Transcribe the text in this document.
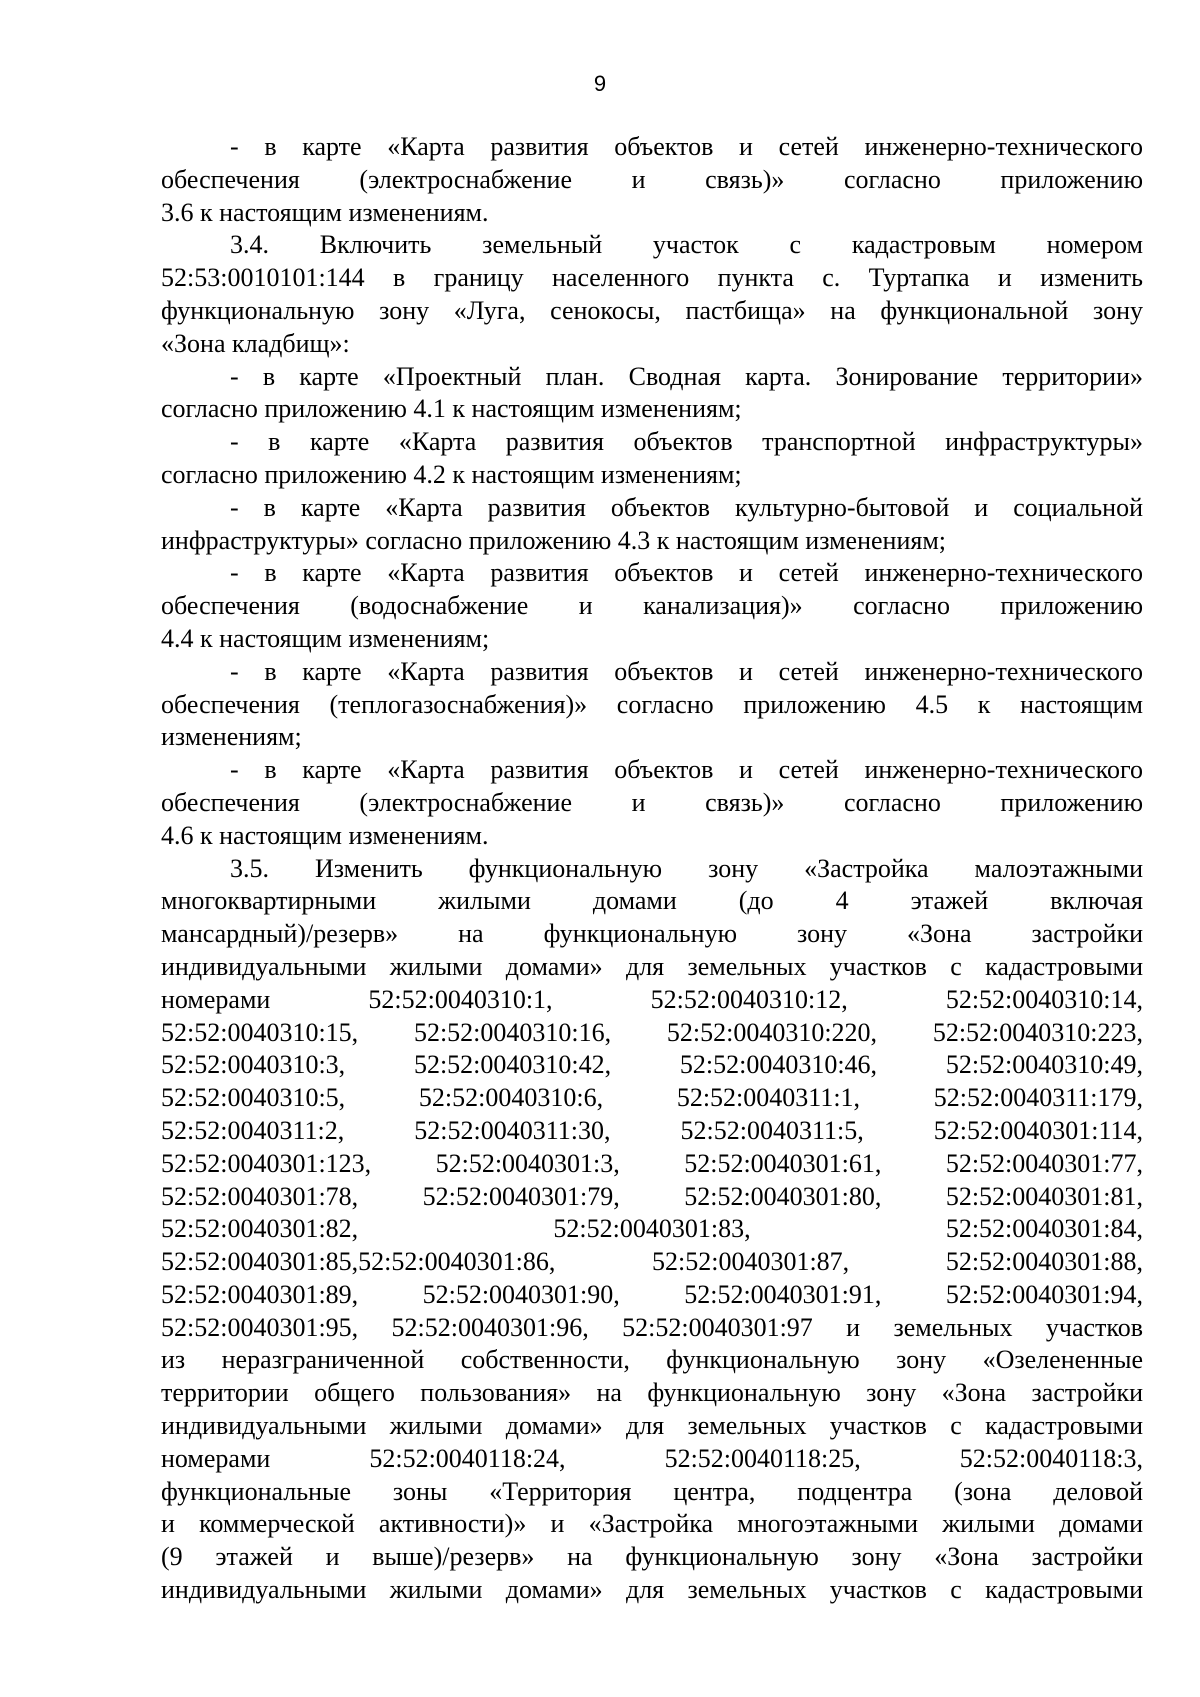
9
- в карте «Карта развития объектов и сетей инженерно-технического
обеспечения (электроснабжение и связь)» согласно приложению
3.6 к настоящим изменениям.
3.4. Включить земельный участок с кадастровым номером
52:53:0010101:144 в границу населенного пункта с. Туртапка и изменить
функциональную зону «Луга, сенокосы, пастбища» на функциональной зону
«Зона кладбищ»:
- в карте «Проектный план. Сводная карта. Зонирование территории»
согласно приложению 4.1 к настоящим изменениям;
- в карте «Карта развития объектов транспортной инфраструктуры»
согласно приложению 4.2 к настоящим изменениям;
- в карте «Карта развития объектов культурно-бытовой и социальной
инфраструктуры» согласно приложению 4.3 к настоящим изменениям;
- в карте «Карта развития объектов и сетей инженерно-технического
обеспечения (водоснабжение и канализация)» согласно приложению
4.4 к настоящим изменениям;
- в карте «Карта развития объектов и сетей инженерно-технического
обеспечения (теплогазоснабжения)» согласно приложению 4.5 к настоящим
изменениям;
- в карте «Карта развития объектов и сетей инженерно-технического
обеспечения (электроснабжение и связь)» согласно приложению
4.6 к настоящим изменениям.
3.5. Изменить функциональную зону «Застройка малоэтажными
многоквартирными жилыми домами (до 4 этажей включая
мансардный)/резерв» на функциональную зону «Зона застройки
индивидуальными жилыми домами» для земельных участков с кадастровыми
номерами 52:52:0040310:1, 52:52:0040310:12, 52:52:0040310:14,
52:52:0040310:15, 52:52:0040310:16, 52:52:0040310:220, 52:52:0040310:223,
52:52:0040310:3, 52:52:0040310:42, 52:52:0040310:46, 52:52:0040310:49,
52:52:0040310:5, 52:52:0040310:6, 52:52:0040311:1, 52:52:0040311:179,
52:52:0040311:2, 52:52:0040311:30, 52:52:0040311:5, 52:52:0040301:114,
52:52:0040301:123, 52:52:0040301:3, 52:52:0040301:61, 52:52:0040301:77,
52:52:0040301:78, 52:52:0040301:79, 52:52:0040301:80, 52:52:0040301:81,
52:52:0040301:82, 52:52:0040301:83, 52:52:0040301:84,
52:52:0040301:85,52:52:0040301:86, 52:52:0040301:87, 52:52:0040301:88,
52:52:0040301:89, 52:52:0040301:90, 52:52:0040301:91, 52:52:0040301:94,
52:52:0040301:95, 52:52:0040301:96, 52:52:0040301:97 и земельных участков
из неразграниченной собственности, функциональную зону «Озелененные
территории общего пользования» на функциональную зону «Зона застройки
индивидуальными жилыми домами» для земельных участков с кадастровыми
номерами 52:52:0040118:24, 52:52:0040118:25, 52:52:0040118:3,
функциональные зоны «Территория центра, подцентра (зона деловой
и коммерческой активности)» и «Застройка многоэтажными жилыми домами
(9 этажей и выше)/резерв» на функциональную зону «Зона застройки
индивидуальными жилыми домами» для земельных участков с кадастровыми
